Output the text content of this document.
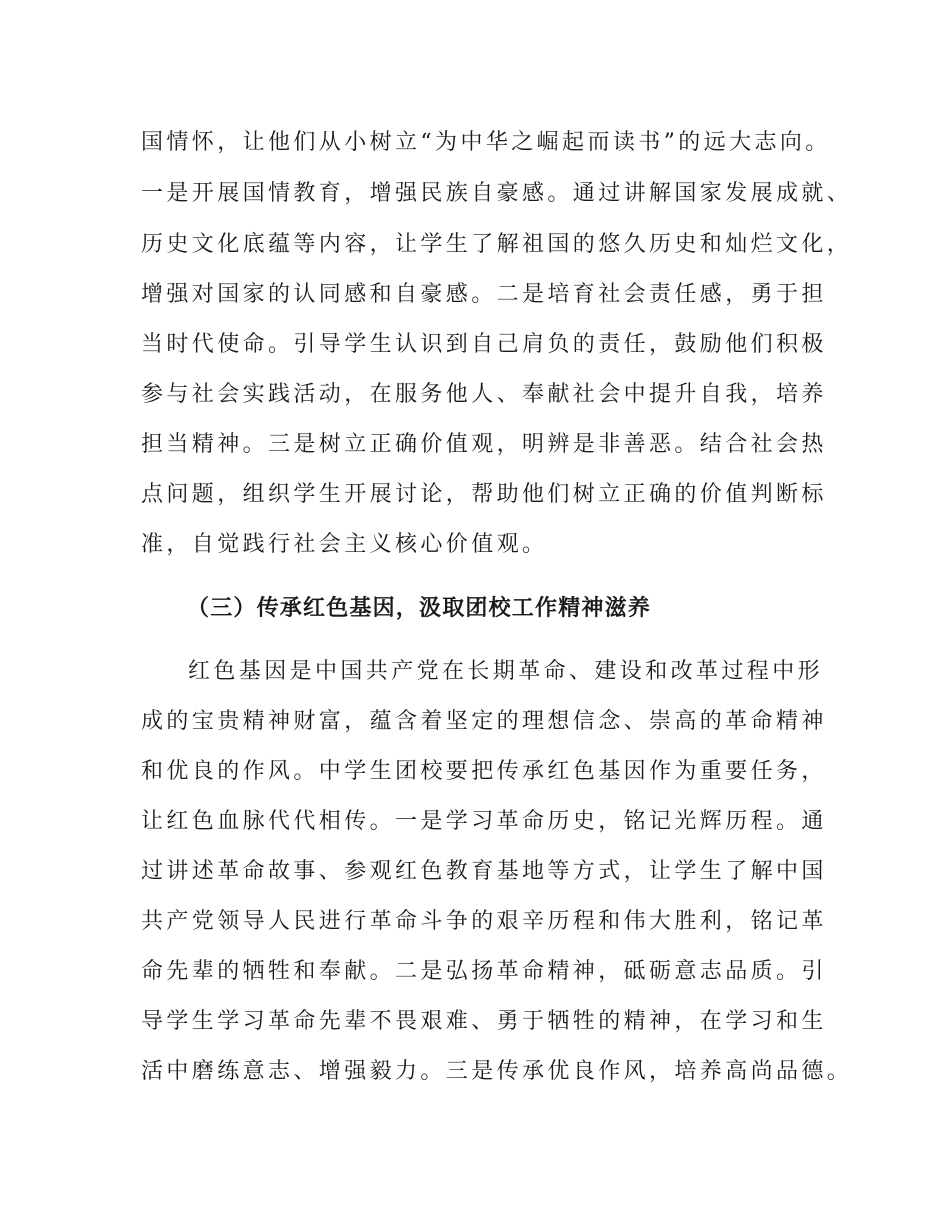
国情怀，让他们从小树立“为中华之崛起而读书”的远大志向。
一是开展国情教育，增强民族自豪感。通过讲解国家发展成就、
历史文化底蕴等内容，让学生了解祖国的悠久历史和灿烂文化，
增强对国家的认同感和自豪感。二是培育社会责任感，勇于担
当时代使命。引导学生认识到自己肩负的责任，鼓励他们积极
参与社会实践活动，在服务他人、奉献社会中提升自我，培养
担当精神。三是树立正确价值观，明辨是非善恶。结合社会热
点问题，组织学生开展讨论，帮助他们树立正确的价值判断标
准，自觉践行社会主义核心价值观。
（三）传承红色基因，汲取团校工作精神滋养
红色基因是中国共产党在长期革命、建设和改革过程中形
成的宝贵精神财富，蕴含着坚定的理想信念、崇高的革命精神
和优良的作风。中学生团校要把传承红色基因作为重要任务，
让红色血脉代代相传。一是学习革命历史，铭记光辉历程。通
过讲述革命故事、参观红色教育基地等方式，让学生了解中国
共产党领导人民进行革命斗争的艰辛历程和伟大胜利，铭记革
命先辈的牺牲和奉献。二是弘扬革命精神，砥砺意志品质。引
导学生学习革命先辈不畏艰难、勇于牺牲的精神，在学习和生
活中磨练意志、增强毅力。三是传承优良作风，培养高尚品德。
